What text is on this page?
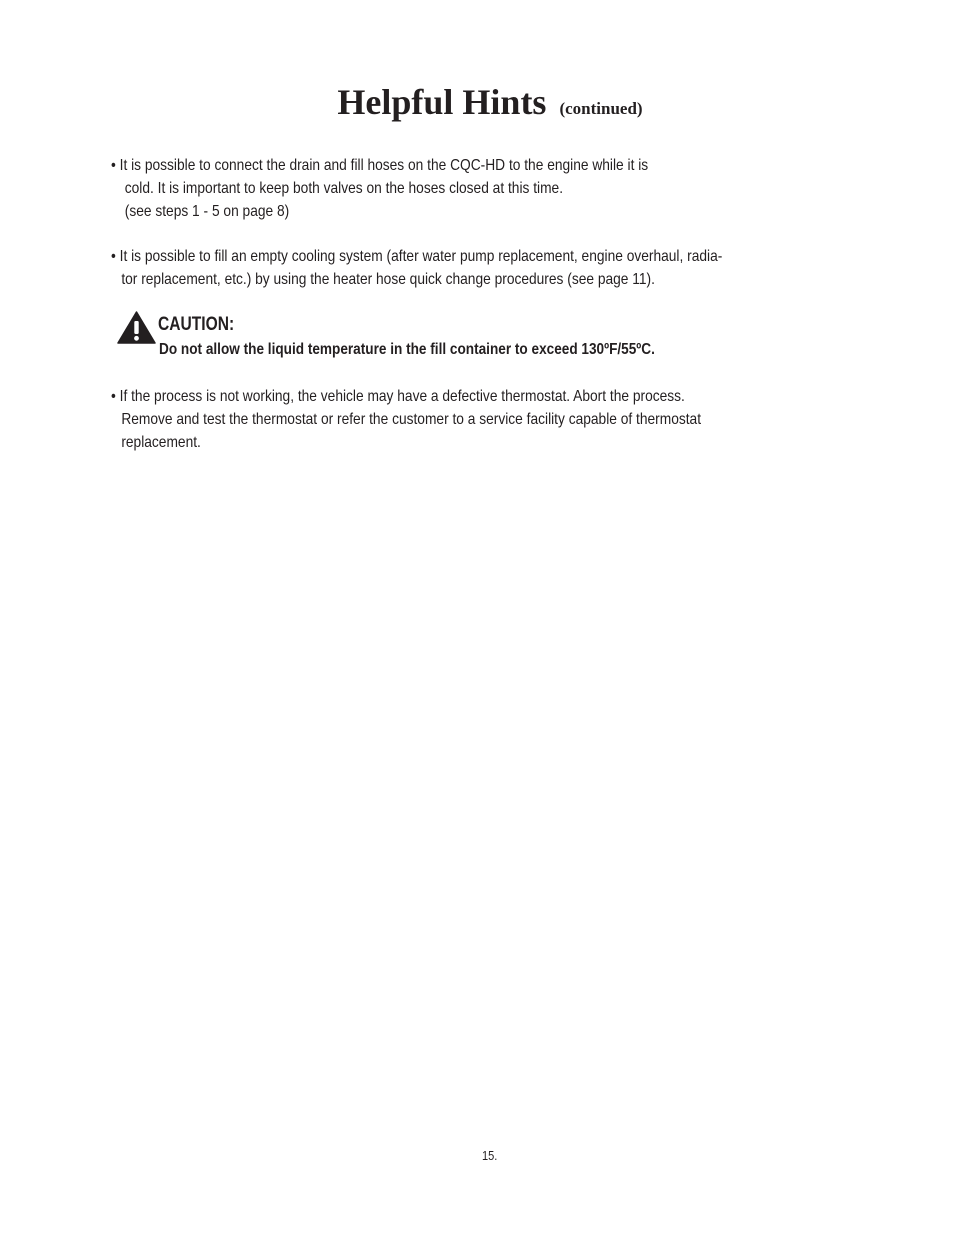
Helpful Hints (continued)
• It is possible to connect the drain and fill hoses on the CQC-HD to the engine while it is
cold. It is important to keep both valves on the hoses closed at this time.
(see steps 1 - 5 on page 8)
• It is possible to fill an empty cooling system (after water pump replacement, engine overhaul, radia-
tor replacement, etc.) by using the heater hose quick change procedures (see page 11).
CAUTION:
Do not allow the liquid temperature in the fill container to exceed 130ºF/55ºC.
• If the process is not working, the vehicle may have a defective thermostat. Abort the process.
Remove and test the thermostat or refer the customer to a service facility capable of thermostat
replacement.
15.
